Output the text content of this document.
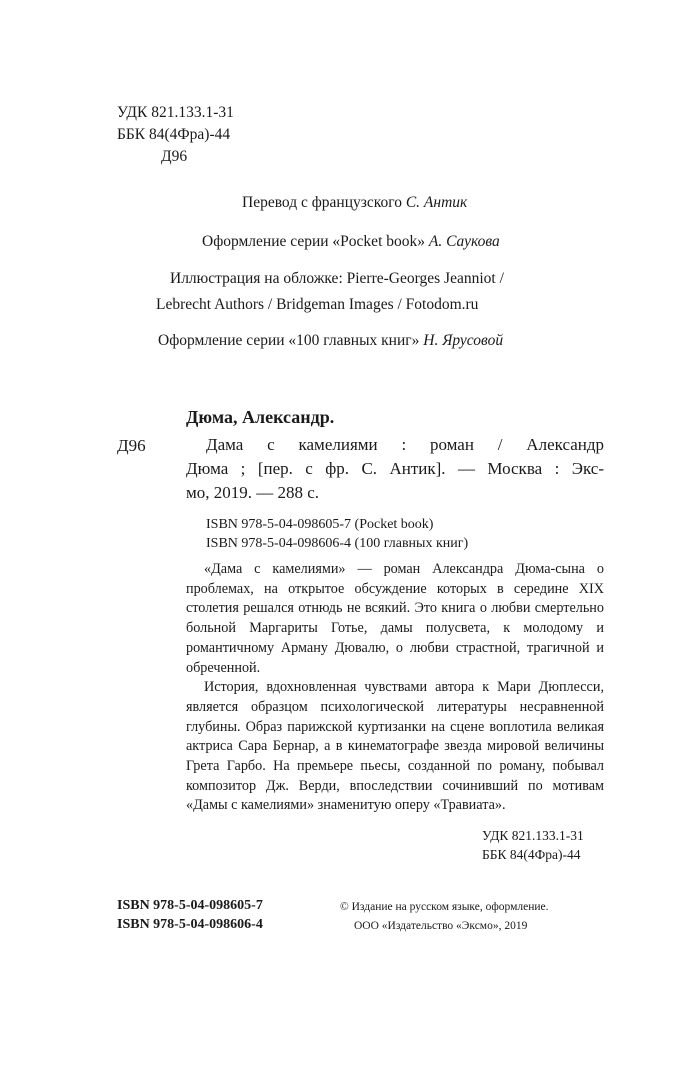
УДК 821.133.1-31
ББК 84(4Фра)-44
Д96
Перевод с французского С. Антик
Оформление серии «Pocket book» А. Саукова
Иллюстрация на обложке: Pierre-Georges Jeanniot /
Lebrecht Authors / Bridgeman Images / Fotodom.ru
Оформление серии «100 главных книг» Н. Ярусовой
Дюма, Александр.
Д96	Дама с камелиями : роман / Александр
Дюма ; [пер. с фр. С. Антик]. — Москва : Экс-
мо, 2019. — 288 с.
ISBN 978-5-04-098605-7 (Pocket book)
ISBN 978-5-04-098606-4 (100 главных книг)

«Дама с камелиями» — роман Александра Дюма-сына о проблемах, на открытое обсуждение которых в середине XIX столетия решался отнюдь не всякий. Это книга о любви смертельно больной Маргариты Готье, дамы полусвета, к молодому и романтичному Арману Дювалю, о любви страстной, трагичной и обреченной.

История, вдохновленная чувствами автора к Мари Дюплесси, является образцом психологической литературы несравненной глубины. Образ парижской куртизанки на сцене воплотила великая актриса Сара Бернар, а в кинематографе звезда мировой величины Грета Гарбо. На премьере пьесы, созданной по роману, побывал композитор Дж. Верди, впоследствии сочинивший по мотивам «Дамы с камелиями» знаменитую оперу «Травиата».

УДК 821.133.1-31
ББК 84(4Фра)-44
ISBN 978-5-04-098605-7
ISBN 978-5-04-098606-4
© Издание на русском языке, оформление.
ООО «Издательство «Эксмо», 2019
